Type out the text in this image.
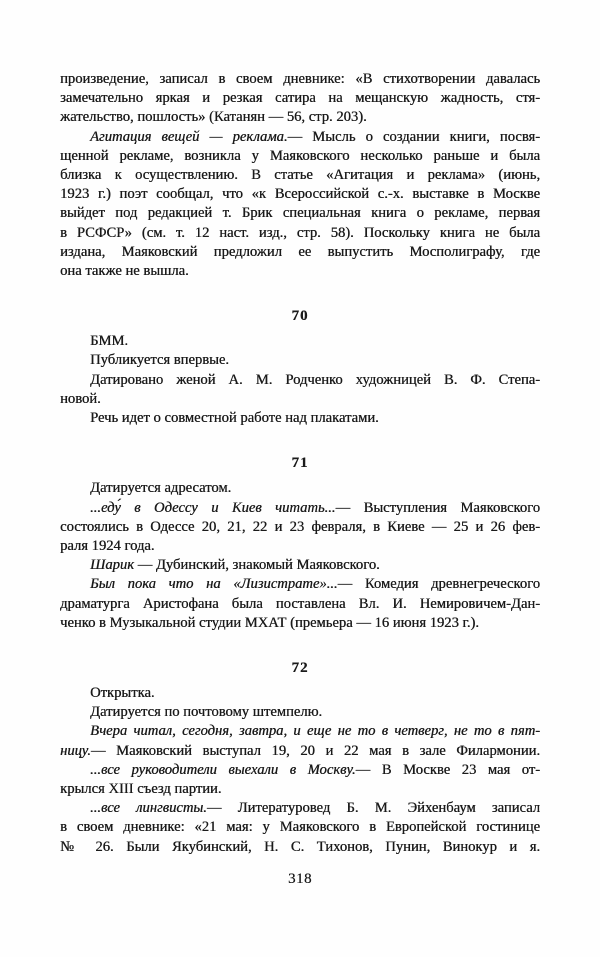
произведение, записал в своем дневнике: «В стихотворении давалась
замечательно яркая и резкая сатира на мещанскую жадность, стя-
жательство, пошлость» (Катанян — 56, стр. 203).
Агитация вещей — реклама.— Мысль о создании книги, посвя-
щенной рекламе, возникла у Маяковского несколько раньше и была
близка к осуществлению. В статье «Агитация и реклама» (июнь,
1923 г.) поэт сообщал, что «к Всероссийской с.-х. выставке в Москве
выйдет под редакцией т. Брик специальная книга о рекламе, первая
в РСФСР» (см. т. 12 наст. изд., стр. 58). Поскольку книга не была
издана, Маяковский предложил ее выпустить Мосполиграфу, где
она также не вышла.
70
БММ.
Публикуется впервые.
Датировано женой А. М. Родченко художницей В. Ф. Степа-
новой.
Речь идет о совместной работе над плакатами.
71
Датируется адресатом.
...еду́ в Одессу и Киев читать...— Выступления Маяковского
состоялись в Одессе 20, 21, 22 и 23 февраля, в Киеве — 25 и 26 фев-
раля 1924 года.
Шарик — Дубинский, знакомый Маяковского.
Был пока что на «Лизистрате»...— Комедия древнегреческого
драматурга Аристофана была поставлена Вл. И. Немировичем-Дан-
ченко в Музыкальной студии МХАТ (премьера — 16 июня 1923 г.).
72
Открытка.
Датируется по почтовому штемпелю.
Вчера читал, сегодня, завтра, и еще не то в четверг, не то в пят-
ницу.— Маяковский выступал 19, 20 и 22 мая в зале Филармонии.
...все руководители выехали в Москву.— В Москве 23 мая от-
крылся XIII съезд партии.
...все лингвисты.— Литературовед Б. М. Эйхенбаум записал
в своем дневнике: «21 мая: у Маяковского в Европейской гостинице
№ 26. Были Якубинский, Н. С. Тихонов, Пунин, Винокур и я.
318
